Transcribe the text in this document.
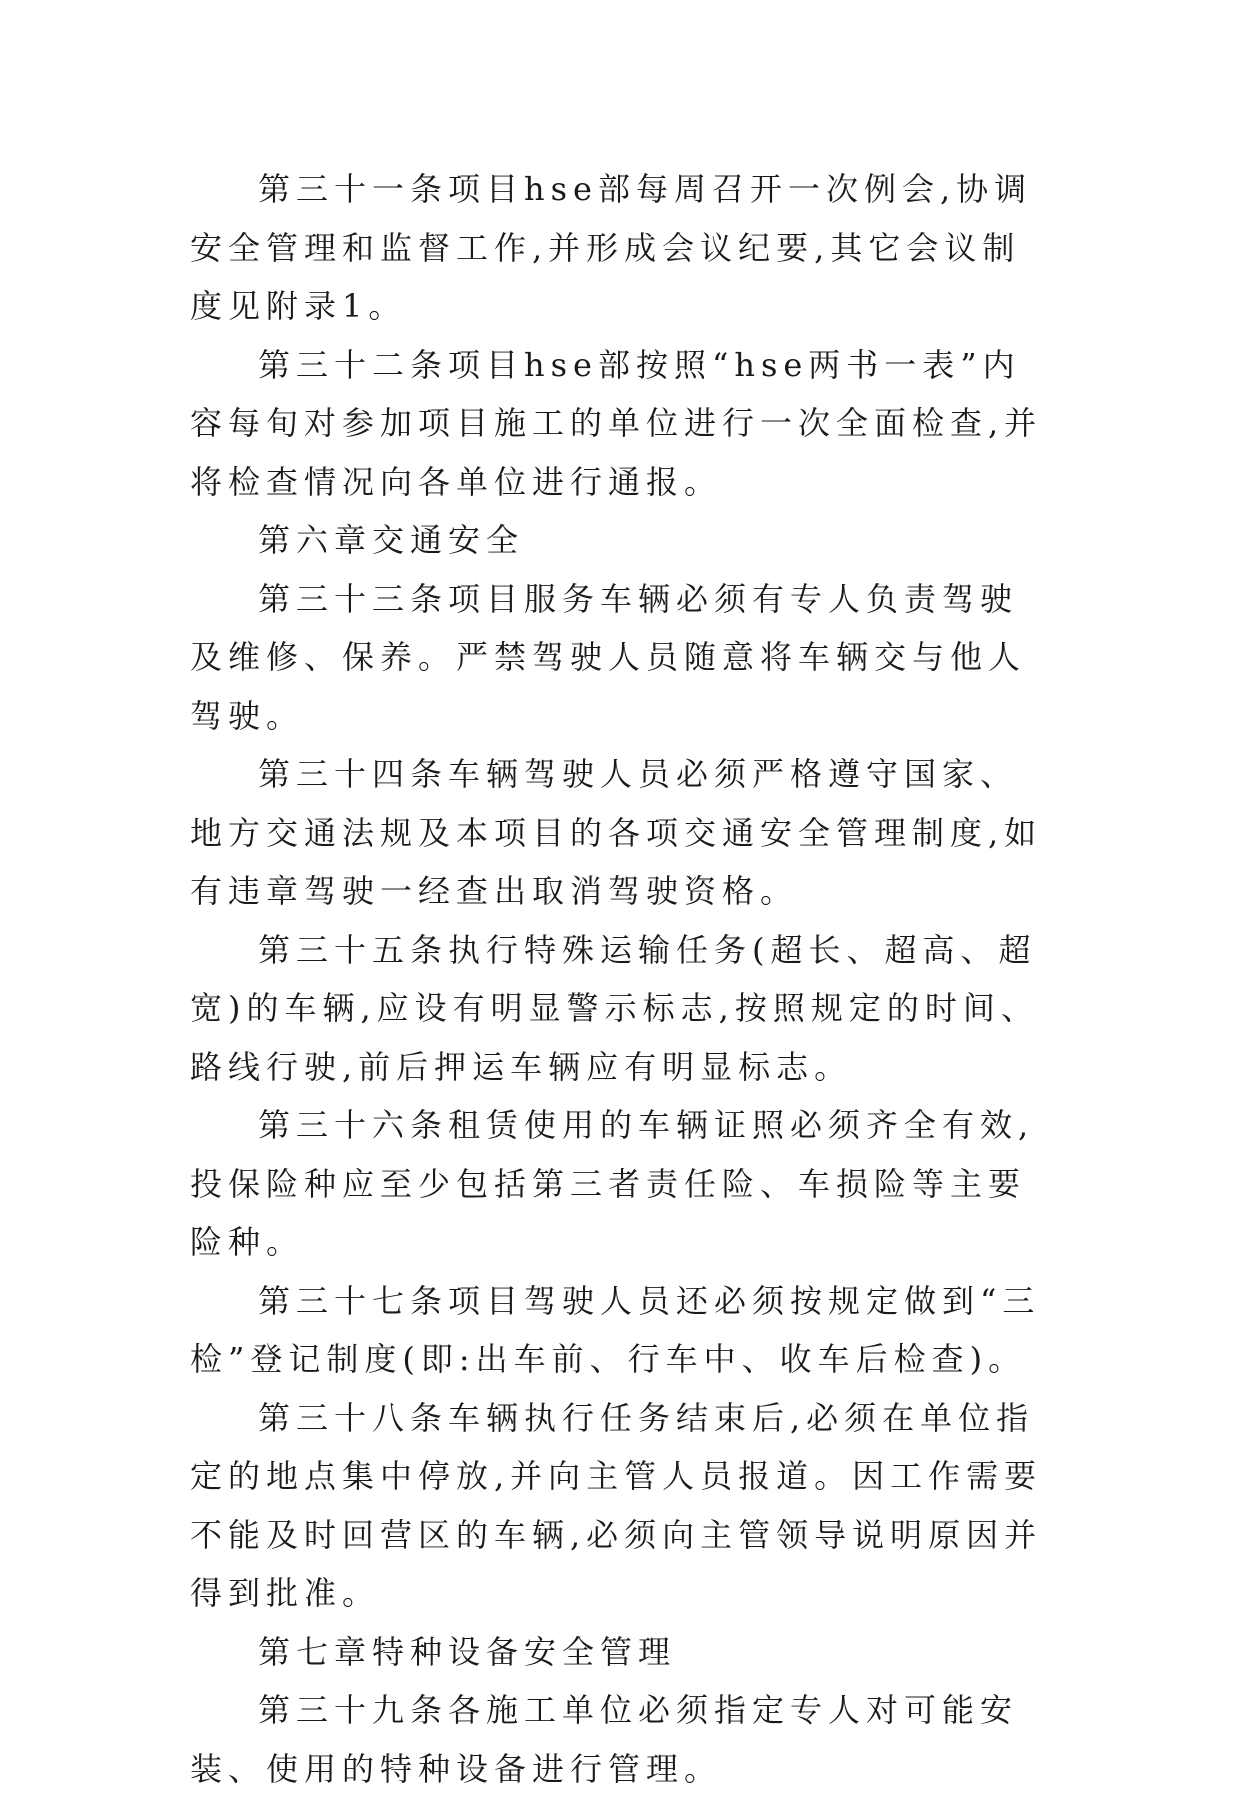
第三十一条项目hse部每周召开一次例会,协调安全管理和监督工作,并形成会议纪要,其它会议制度见附录1。

第三十二条项目hse部按照“hse两书一表”内容每旬对参加项目施工的单位进行一次全面检查,并将检查情况向各单位进行通报。

第六章交通安全

第三十三条项目服务车辆必须有专人负责驾驶及维修、保养。严禁驾驶人员随意将车辆交与他人驾驶。

第三十四条车辆驾驶人员必须严格遵守国家、地方交通法规及本项目的各项交通安全管理制度,如有违章驾驶一经查出取消驾驶资格。

第三十五条执行特殊运输任务(超长、超高、超宽)的车辆,应设有明显警示标志,按照规定的时间、路线行驶,前后押运车辆应有明显标志。

第三十六条租赁使用的车辆证照必须齐全有效,投保险种应至少包括第三者责任险、车损险等主要险种。

第三十七条项目驾驶人员还必须按规定做到“三检”登记制度(即:出车前、行车中、收车后检查)。

第三十八条车辆执行任务结束后,必须在单位指定的地点集中停放,并向主管人员报道。因工作需要不能及时回营区的车辆,必须向主管领导说明原因并得到批准。

第七章特种设备安全管理

第三十九条各施工单位必须指定专人对可能安装、使用的特种设备进行管理。
